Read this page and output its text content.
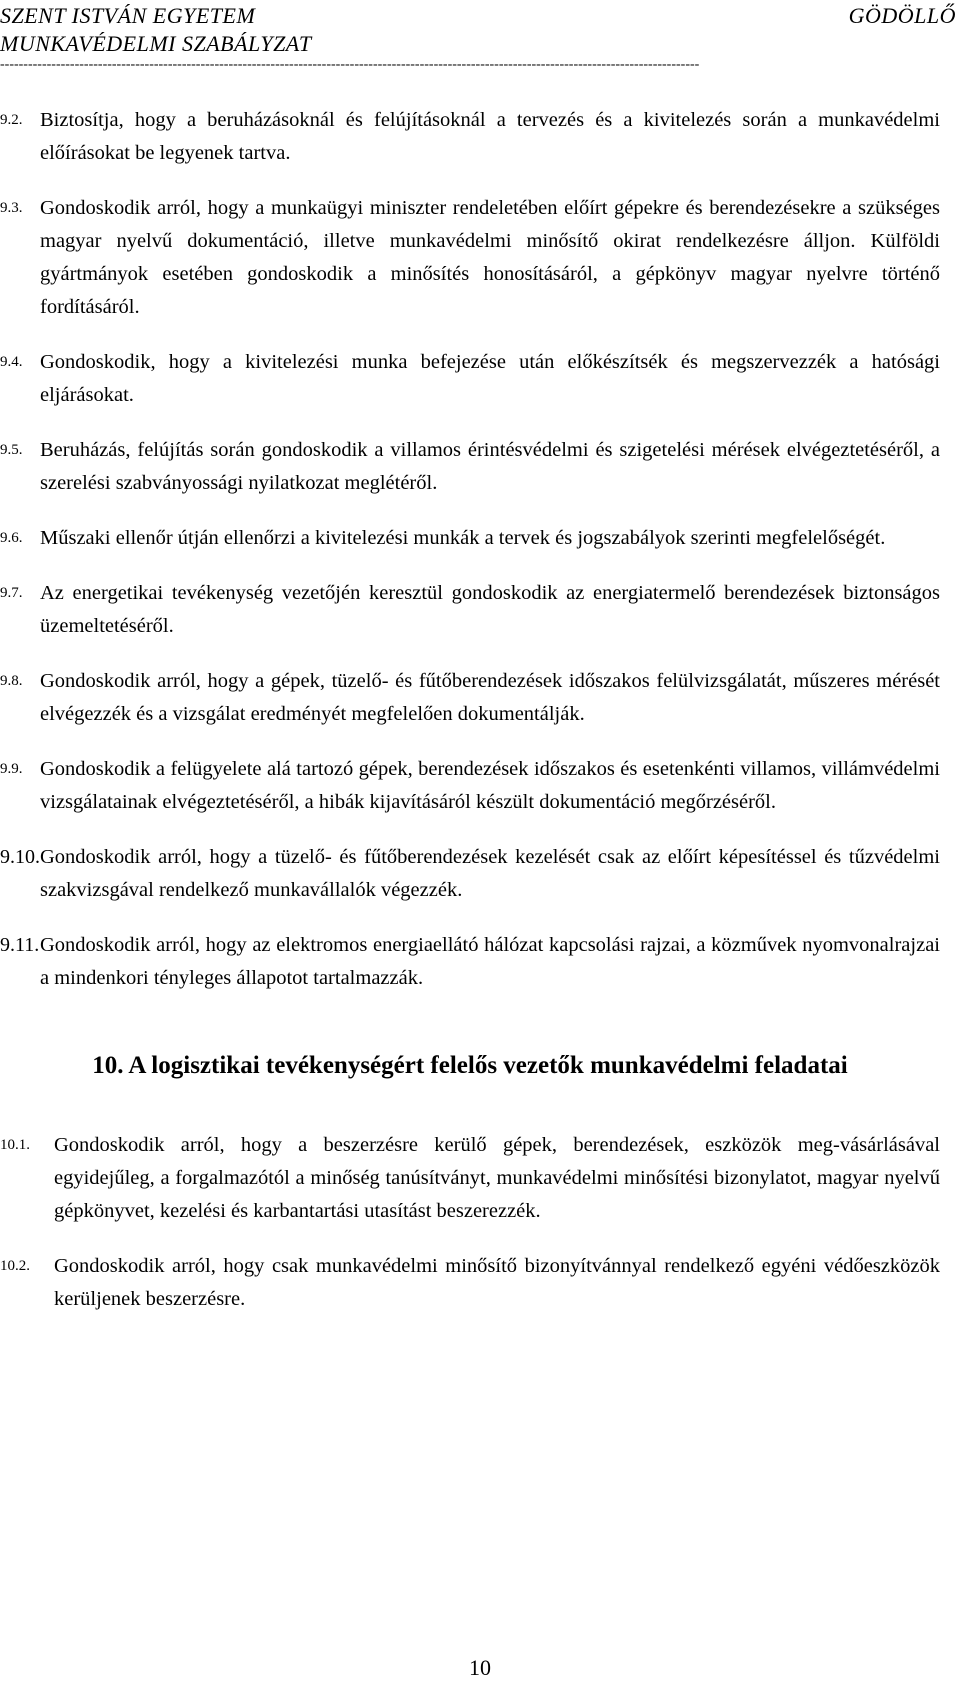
SZENT ISTVÁN EGYETEM	GÖDÖLLŐ
MUNKAVÉDELMI SZABÁLYZAT
------------------------------------------------------------------------------------------------------------------------------------------------------
9.2. Biztosítja, hogy a beruházásoknál és felújításoknál a tervezés és a kivitelezés során a munkavédelmi előírásokat be legyenek tartva.
9.3. Gondoskodik arról, hogy a munkaügyi miniszter rendeletében előírt gépekre és berendezésekre a szükséges magyar nyelvű dokumentáció, illetve munkavédelmi minősítő okirat rendelkezésre álljon. Külföldi gyártmányok esetében gondoskodik a minősítés honosításáról, a gépkönyv magyar nyelvre történő fordításáról.
9.4. Gondoskodik, hogy a kivitelezési munka befejezése után előkészítsék és megszervezzék a hatósági eljárásokat.
9.5. Beruházás, felújítás során gondoskodik a villamos érintésvédelmi és szigetelési mérések elvégeztetéséről, a szerelési szabványossági nyilatkozat meglétéről.
9.6. Műszaki ellenőr útján ellenőrzi a kivitelezési munkák a tervek és jogszabályok szerinti megfelelőségét.
9.7. Az energetikai tevékenység vezetőjén keresztül gondoskodik az energiatermelő berendezések biztonságos üzemeltetéséről.
9.8. Gondoskodik arról, hogy a gépek, tüzelő- és fűtőberendezések időszakos felülvizsgálatát, műszeres mérését elvégezzék és a vizsgálat eredményét megfelelően dokumentálják.
9.9. Gondoskodik a felügyelete alá tartozó gépek, berendezések időszakos és esetenkénti villamos, villámvédelmi vizsgálatainak elvégeztetéséről, a hibák kijavításáról készült dokumentáció megőrzéséről.
9.10. Gondoskodik arról, hogy a tüzelő- és fűtőberendezések kezelését csak az előírt képesítéssel és tűzvédelmi szakvizsgával rendelkező munkavállalók végezzék.
9.11. Gondoskodik arról, hogy az elektromos energiaellátó hálózat kapcsolási rajzai, a közművek nyomvonalrajzai a mindenkori tényleges állapotot tartalmazzák.
10. A logisztikai tevékenységért felelős vezetők munkavédelmi feladatai
10.1. Gondoskodik arról, hogy a beszerzésre kerülő gépek, berendezések, eszközök meg-vásárlásával egyidejűleg, a forgalmazótól a minőség tanúsítványt, munkavédelmi minősítési bizonylatot, magyar nyelvű gépkönyvet, kezelési és karbantartási utasítást beszerezzék.
10.2. Gondoskodik arról, hogy csak munkavédelmi minősítő bizonyítvánnyal rendelkező egyéni védőeszközök kerüljenek beszerzésre.
10
